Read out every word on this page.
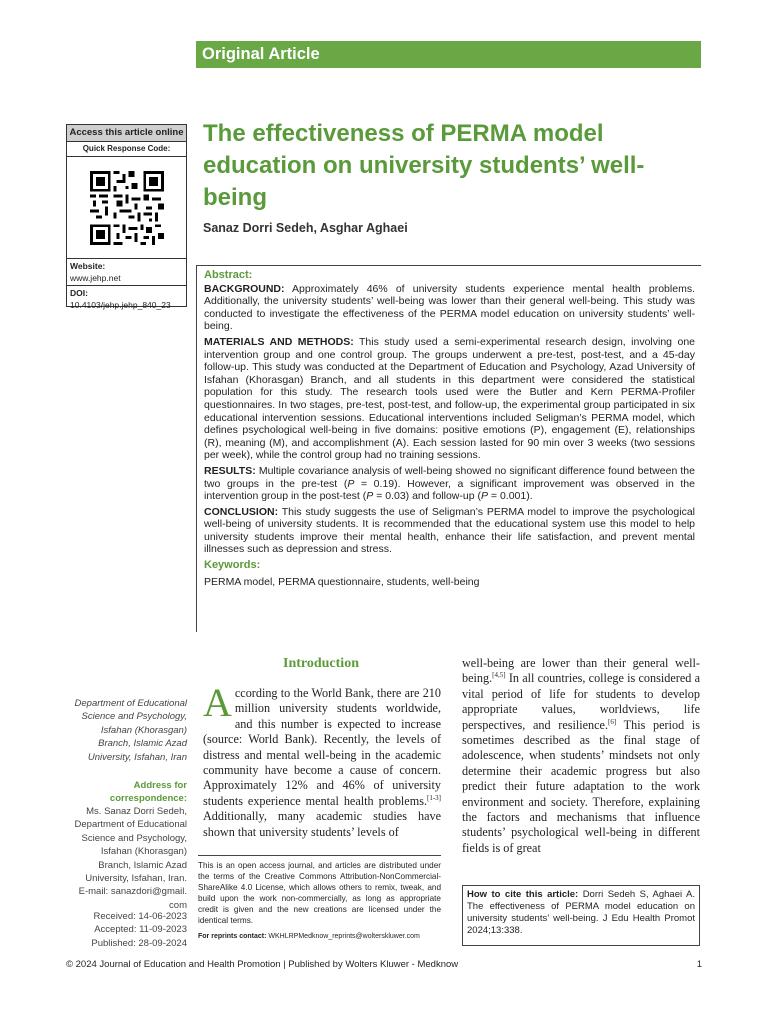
Original Article
Access this article online
Quick Response Code:
Website:
www.jehp.net
DOI:
10.4103/jehp.jehp_840_23
The effectiveness of PERMA model education on university students’ well-being
Sanaz Dorri Sedeh, Asghar Aghaei
Abstract:

BACKGROUND: Approximately 46% of university students experience mental health problems. Additionally, the university students’ well-being was lower than their general well-being. This study was conducted to investigate the effectiveness of the PERMA model education on university students’ well-being.

MATERIALS AND METHODS: This study used a semi-experimental research design, involving one intervention group and one control group. The groups underwent a pre-test, post-test, and a 45-day follow-up. This study was conducted at the Department of Education and Psychology, Azad University of Isfahan (Khorasgan) Branch, and all students in this department were considered the statistical population for this study. The research tools used were the Butler and Kern PERMA-Profiler questionnaires. In two stages, pre-test, post-test, and follow-up, the experimental group participated in six educational intervention sessions. Educational interventions included Seligman’s PERMA model, which defines psychological well-being in five domains: positive emotions (P), engagement (E), relationships (R), meaning (M), and accomplishment (A). Each session lasted for 90 min over 3 weeks (two sessions per week), while the control group had no training sessions.

RESULTS: Multiple covariance analysis of well-being showed no significant difference found between the two groups in the pre-test (P = 0.19). However, a significant improvement was observed in the intervention group in the post-test (P = 0.03) and follow-up (P = 0.001).

CONCLUSION: This study suggests the use of Seligman’s PERMA model to improve the psychological well-being of university students. It is recommended that the educational system use this model to help university students improve their mental health, enhance their life satisfaction, and prevent mental illnesses such as depression and stress.

Keywords:

PERMA model, PERMA questionnaire, students, well-being

Introduction
According to the World Bank, there are 210 million university students worldwide, and this number is expected to increase (source: World Bank). Recently, the levels of distress and mental well-being in the academic community have become a cause of concern. Approximately 12% and 46% of university students experience mental health problems.[1-3] Additionally, many academic studies have shown that university students’ levels of
well-being are lower than their general well-being.[4,5] In all countries, college is considered a vital period of life for students to develop appropriate values, worldviews, life perspectives, and resilience.[6] This period is sometimes described as the final stage of adolescence, when students’ mindsets not only determine their academic progress but also predict their future adaptation to the work environment and society. Therefore, explaining the factors and mechanisms that influence students’ psychological well-being in different fields is of great
This is an open access journal, and articles are distributed under the terms of the Creative Commons Attribution-NonCommercial-ShareAlike 4.0 License, which allows others to remix, tweak, and build upon the work non-commercially, as long as appropriate credit is given and the new creations are licensed under the identical terms.
For reprints contact: WKHLRPMedknow_reprints@wolterskluwer.com
How to cite this article: Dorri Sedeh S, Aghaei A. The effectiveness of PERMA model education on university students’ well-being. J Edu Health Promot 2024;13:338.
Department of Educational
Science and Psychology,
Isfahan (Khorasgan)
Branch, Islamic Azad
University, Isfahan, Iran
Address for
correspondence:
Ms. Sanaz Dorri Sedeh,
Department of Educational
Science and Psychology,
Isfahan (Khorasgan)
Branch, Islamic Azad
University, Isfahan, Iran.
E-mail: sanazdori@gmail.
com
Received: 14-06-2023
Accepted: 11-09-2023
Published: 28-09-2024
© 2024 Journal of Education and Health Promotion | Published by Wolters Kluwer - Medknow	1
